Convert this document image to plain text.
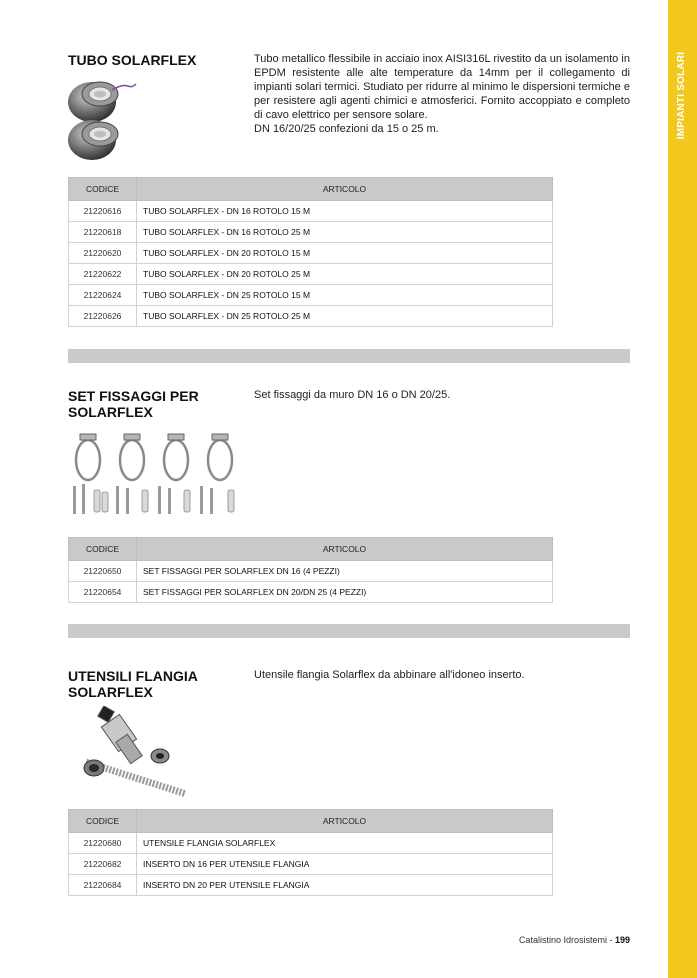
IMPIANTI SOLARI
TUBO SOLARFLEX	Tubo metallico flessibile in acciaio inox AISI316L rivestito da un isolamento in EPDM resistente alle alte temperature da 14mm per il collegamento di impianti solari termici. Studiato per ridurre al minimo le dispersioni termiche e per resistere agli agenti chimici e atmosferici. Fornito accoppiato e completo di cavo elettrico per sensore solare.

DN 16/20/25 confezioni da 15 o 25 m.

CODICE	ARTICOLO
21220616	TUBO SOLARFLEX - DN 16 ROTOLO 15 M
21220618	TUBO SOLARFLEX - DN 16 ROTOLO 25 M
21220620	TUBO SOLARFLEX - DN 20 ROTOLO 15 M
21220622	TUBO SOLARFLEX - DN 20 ROTOLO 25 M
21220624	TUBO SOLARFLEX - DN 25 ROTOLO 15 M
21220626	TUBO SOLARFLEX - DN 25 ROTOLO 25 M
SET FISSAGGI PER SOLARFLEX

Set fissaggi da muro DN 16 o DN 20/25.

CODICE	ARTICOLO
21220650	SET FISSAGGI PER SOLARFLEX DN 16 (4 PEZZI)
21220654	SET FISSAGGI PER SOLARFLEX DN 20/DN 25 (4 PEZZI)
UTENSILI FLANGIA SOLARFLEX

Utensile flangia Solarflex da abbinare all'idoneo inserto.

CODICE	ARTICOLO
21220680	UTENSILE FLANGIA SOLARFLEX
21220682	INSERTO DN 16 PER UTENSILE FLANGIA
21220684	INSERTO DN 20 PER UTENSILE FLANGIA
Catalistino Idrosistemi - 199
